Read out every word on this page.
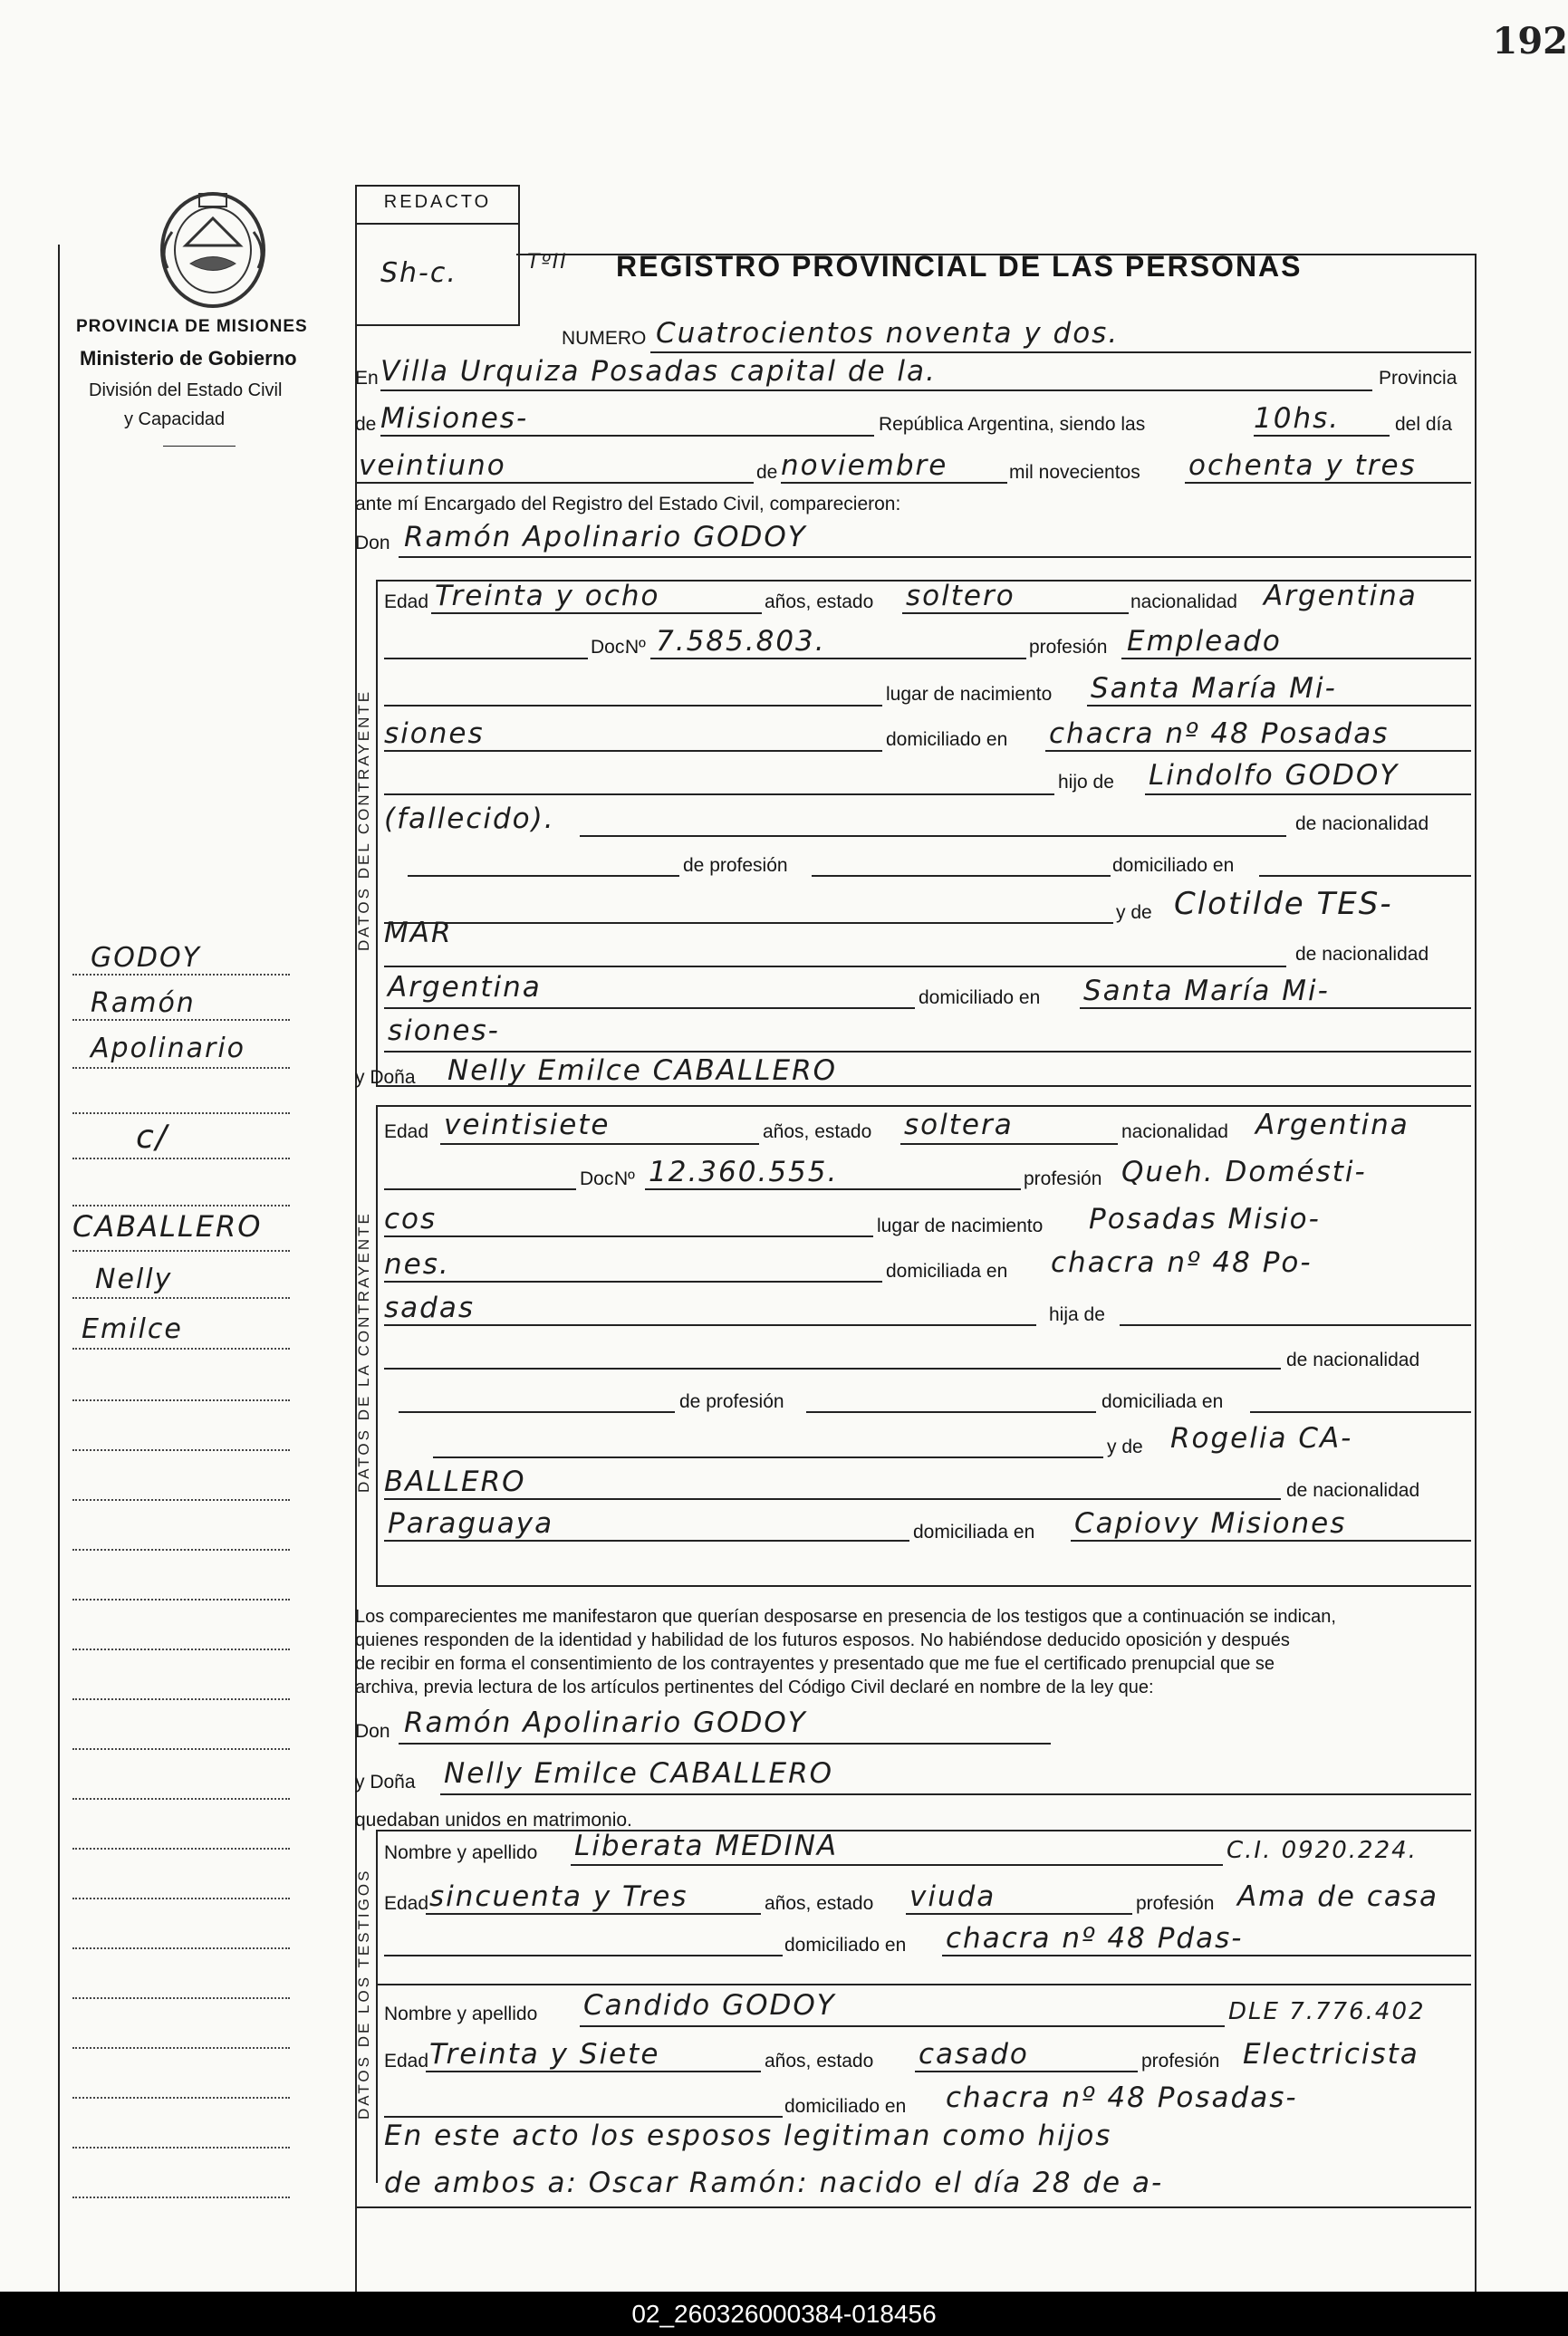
192
PROVINCIA DE MISIONES
Ministerio de Gobierno
División del Estado Civil
y Capacidad
GODOY
Ramón
Apolinario
c/
CABALLERO
Nelly
Emilce
REDACTO
Sh-c.	TºII REGISTRO PROVINCIAL DE LAS PERSONAS
NUMERO Cuatrocientos noventa y dos.
En Villa Urquiza Posadas capital de la.	Provincia
de Misiones-	República Argentina, siendo las	10hs.	del día
veintiuno	de noviembre	mil novecientos ochenta y tres
ante mí Encargado del Registro del Estado Civil, comparecieron:
Don Ramón Apolinario GODOY
DATOS DEL CONTRAYENTE
Edad Treinta y ocho	años, estado soltero	nacionalidad Argentina
Doc.
Nº 7.585.803.	profesión Empleado
lugar de nacimiento Santa María Mi-
siones	domiciliado en chacra nº 48 Posadas
hijo de Lindolfo GODOY
(fallecido).	de nacionalidad
de profesión	domiciliado en
y de Clotilde TES-
MAR
de nacionalidad
Argentina	domiciliado en Santa María Mi-
siones-
y Doña Nelly Emilce CABALLERO
DATOS DE LA CONTRAYENTE
Edad veintisiete	años, estado soltera	nacionalidad Argentina
Doc.
Nº 12.360.555.	profesión Queh. Domésti-
cos	lugar de nacimiento Posadas Misio-
nes.	domiciliada en chacra nº 48 Po-
sadas	hija de
de nacionalidad
de profesión	domiciliada en
y de Rogelia CA-
BALLERO	de nacionalidad
Paraguaya	domiciliada en Capiovy Misiones
Los comparecientes me manifestaron que querían desposarse en presencia de los testigos que a continuación se indican,
quienes responden de la identidad y habilidad de los futuros esposos. No habiéndose deducido oposición y después
de recibir en forma el consentimiento de los contrayentes y presentado que me fue el certificado prenupcial que se
archiva, previa lectura de los artículos pertinentes del Código Civil declaré en nombre de la ley que:
Don Ramón Apolinario GODOY
y Doña Nelly Emilce CABALLERO
quedaban unidos en matrimonio.
DATOS DE LOS TESTIGOS
Nombre y apellido Liberata MEDINA	C.I. 0920.224.
Edad sincuenta y Tres	años, estado viuda	profesión Ama de casa
domiciliado en chacra nº 48 Pdas-
Nombre y apellido Candido GODOY	DLE 7.776.402
Edad Treinta y Siete	años, estado casado	profesión Electricista
domiciliado en chacra nº 48 Posadas-
En este acto los esposos legitiman como hijos
de ambos a: Oscar Ramón: nacido el día 28 de a-
02_260326000384-018456
